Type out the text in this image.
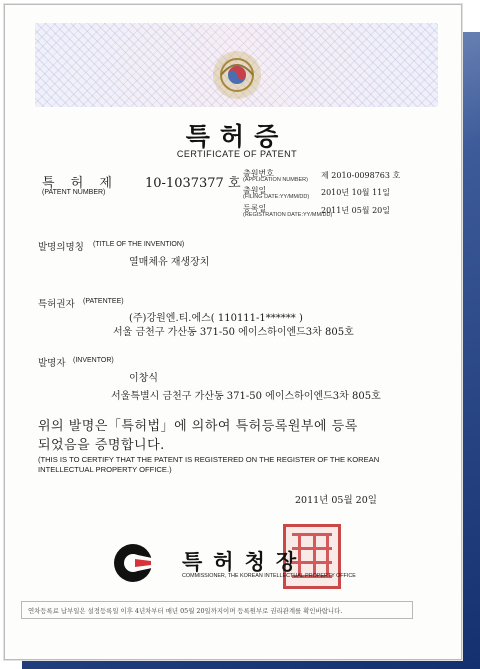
특허증
CERTIFICATE OF PATENT
특 허 제 10-1037377 호
(PATENT NUMBER)
출원번호
(APPLICATION NUMBER) 제 2010-0098763 호
출원일
(FILING DATE:YY/MM/DD) 2010년 10월 11일
등록일
(REGISTRATION DATE:YY/MM/DD)
2011년 05월 20일
발명의명칭 (TITLE OF THE INVENTION)
열매체유 재생장치
특허권자 (PATENTEE)
(주)강원엔.티.에스( 110111-1****** )
서울 금천구 가산동 371-50 에이스하이엔드3차 805호
발명자 (INVENTOR)
이창식
서울특별시 금천구 가산동 371-50 에이스하이엔드3차 805호
위의 발명은「특허법」에 의하여 특허등록원부에 등록
되었음을 증명합니다.
(THIS IS TO CERTIFY THAT THE PATENT IS REGISTERED ON THE REGISTER OF THE KOREAN
INTELLECTUAL PROPERTY OFFICE.)
2011년 05월 20일
특허청장
COMMISSIONER, THE KOREAN INTELLECTUAL PROPERTY OFFICE
연차등록료 납부일은 설정등록일 이후 4년차부터 매년 05월 20일까지이며 등록원부로 권리관계를 확인바랍니다.
